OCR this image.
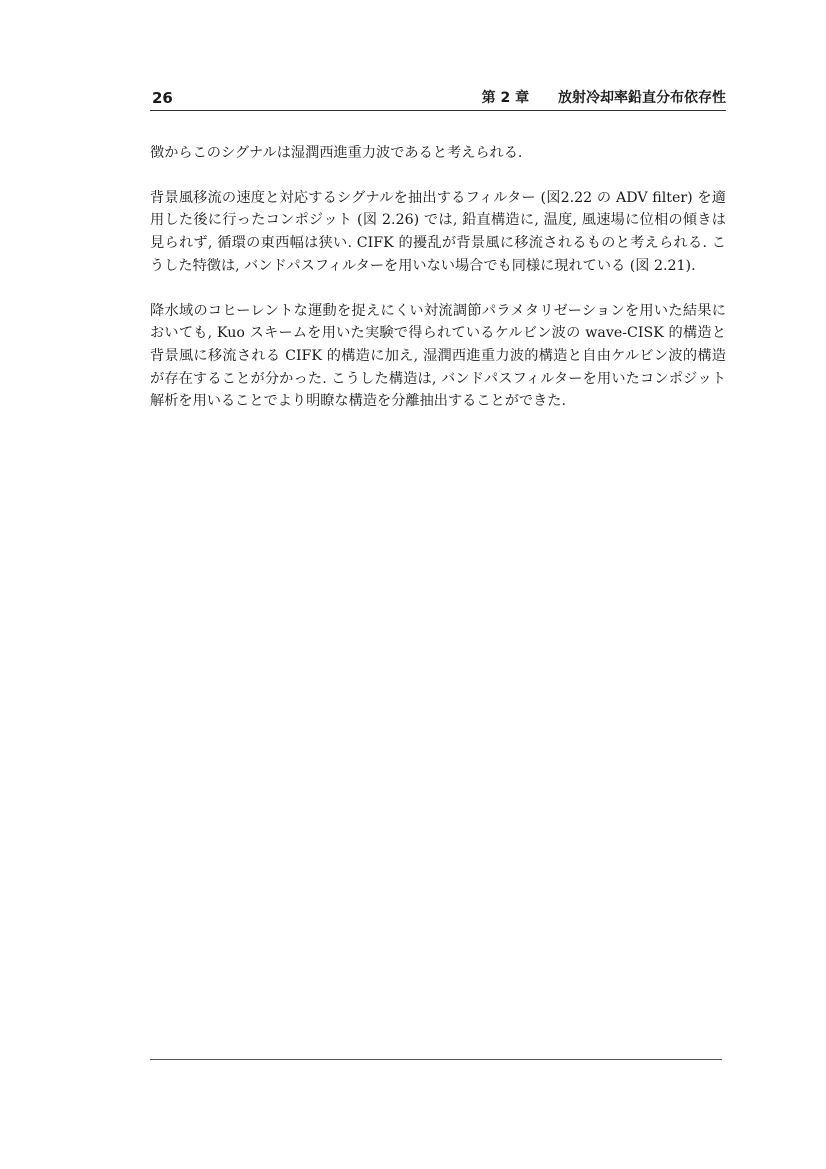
26	第 2 章 放射冷却率鉛直分布依存性

徴からこのシグナルは湿潤西進重力波であると考えられる.

背景風移流の速度と対応するシグナルを抽出するフィルター (図2.22 の ADV filter) を適用した後に行ったコンポジット (図 2.26) では, 鉛直構造に, 温度, 風速場に位相の傾きは見られず, 循環の東西幅は狭い. CIFK 的擾乱が背景風に移流されるものと考えられる. こうした特徴は, バンドパスフィルターを用いない場合でも同様に現れている (図 2.21).

降水域のコヒーレントな運動を捉えにくい対流調節パラメタリゼーションを用いた結果においても, Kuo スキームを用いた実験で得られているケルビン波の wave-CISK 的構造と背景風に移流される CIFK 的構造に加え, 湿潤西進重力波的構造と自由ケルビン波的構造が存在することが分かった. こうした構造は, バンドパスフィルターを用いたコンポジット解析を用いることでより明瞭な構造を分離抽出することができた.
